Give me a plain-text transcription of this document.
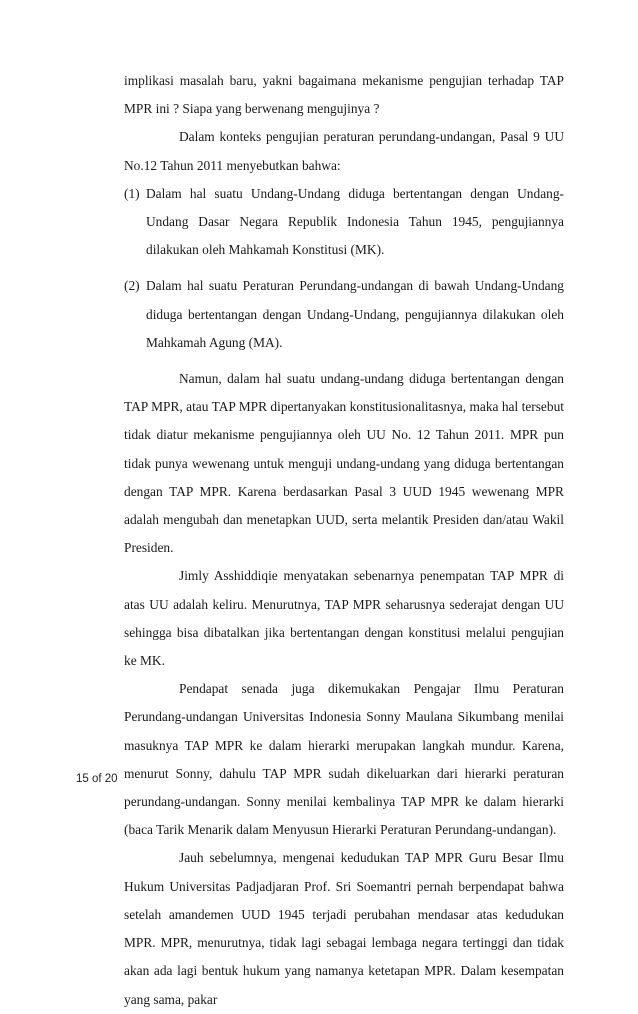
implikasi masalah baru, yakni bagaimana mekanisme pengujian terhadap TAP MPR ini ? Siapa yang berwenang mengujinya ?

Dalam konteks pengujian peraturan perundang-undangan, Pasal 9 UU No.12 Tahun 2011 menyebutkan bahwa:

(1) Dalam hal suatu Undang-Undang diduga bertentangan dengan Undang-Undang Dasar Negara Republik Indonesia Tahun 1945, pengujiannya dilakukan oleh Mahkamah Konstitusi (MK).
(2) Dalam hal suatu Peraturan Perundang-undangan di bawah Undang-Undang diduga bertentangan dengan Undang-Undang, pengujiannya dilakukan oleh Mahkamah Agung (MA).

Namun, dalam hal suatu undang-undang diduga bertentangan dengan TAP MPR, atau TAP MPR dipertanyakan konstitusionalitasnya, maka hal tersebut tidak diatur mekanisme pengujiannya oleh UU No. 12 Tahun 2011. MPR pun tidak punya wewenang untuk menguji undang-undang yang diduga bertentangan dengan TAP MPR. Karena berdasarkan Pasal 3 UUD 1945 wewenang MPR adalah mengubah dan menetapkan UUD, serta melantik Presiden dan/atau Wakil Presiden.

Jimly Asshiddiqie menyatakan sebenarnya penempatan TAP MPR di atas UU adalah keliru. Menurutnya, TAP MPR seharusnya sederajat dengan UU sehingga bisa dibatalkan jika bertentangan dengan konstitusi melalui pengujian ke MK.

Pendapat senada juga dikemukakan Pengajar Ilmu Peraturan Perundang-undangan Universitas Indonesia Sonny Maulana Sikumbang menilai masuknya TAP MPR ke dalam hierarki merupakan langkah mundur. Karena, menurut Sonny, dahulu TAP MPR sudah dikeluarkan dari hierarki peraturan perundang-undangan. Sonny menilai kembalinya TAP MPR ke dalam hierarki (baca Tarik Menarik dalam Menyusun Hierarki Peraturan Perundang-undangan).

Jauh sebelumnya, mengenai kedudukan TAP MPR Guru Besar Ilmu Hukum Universitas Padjadjaran Prof. Sri Soemantri pernah berpendapat bahwa setelah amandemen UUD 1945 terjadi perubahan mendasar atas kedudukan MPR. MPR, menurutnya, tidak lagi sebagai lembaga negara tertinggi dan tidak akan ada lagi bentuk hukum yang namanya ketetapan MPR. Dalam kesempatan yang sama, pakar

15 of 20
